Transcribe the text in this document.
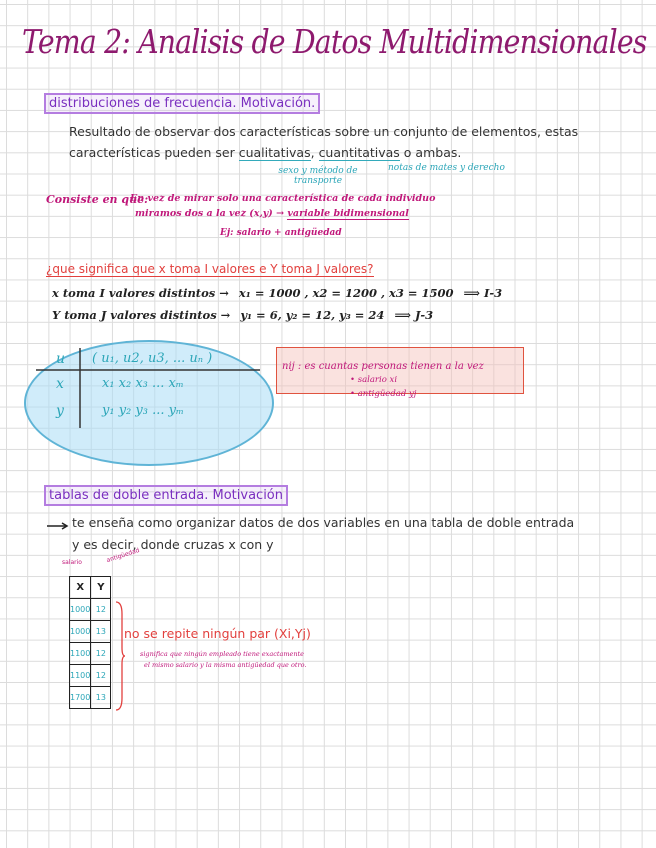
Tema 2: Analisis de Datos Multidimensionales
distribuciones de frecuencia. Motivación.
Resultado de observar dos características sobre un conjunto de elementos, estas
características pueden ser cualitativas, cuantitativas o ambas.
sexo y método de transporte
notas de mates y derecho
Consiste en que:
En vez de mirar solo una característica de cada individuo
miramos dos a la vez (x,y) → variable bidimensional
Ej: salario + antigüedad
¿que significa que x toma I valores e Y toma J valores?
x toma I valores distintos → x₁ = 1000 , x2 = 1200 , x3 = 1500 ⟹ I-3
Y toma J valores distintos → y₁ = 6, y₂ = 12, y₃ = 24 ⟹ J-3
u ( u₁, u2, u3, ... uₙ )
x	x₁ x₂ x₃ ... xₘ
y	y₁ y₂ y₃ ... yₘ
nij : es cuantas personas tienen a la vez
• salario xi
• antigüedad yj
tablas de doble entrada. Motivación
te enseña como organizar datos de dos variables en una tabla de doble entrada
y es decir, donde cruzas x con y
salario	antigüedad
X	Y
1000	12
1000	13
1100	12
1100	12
1700	13
no se repite ningún par (Xi,Yj)
significa que ningún empleado tiene exactamente
el mismo salario y la misma antigüedad que otro.
